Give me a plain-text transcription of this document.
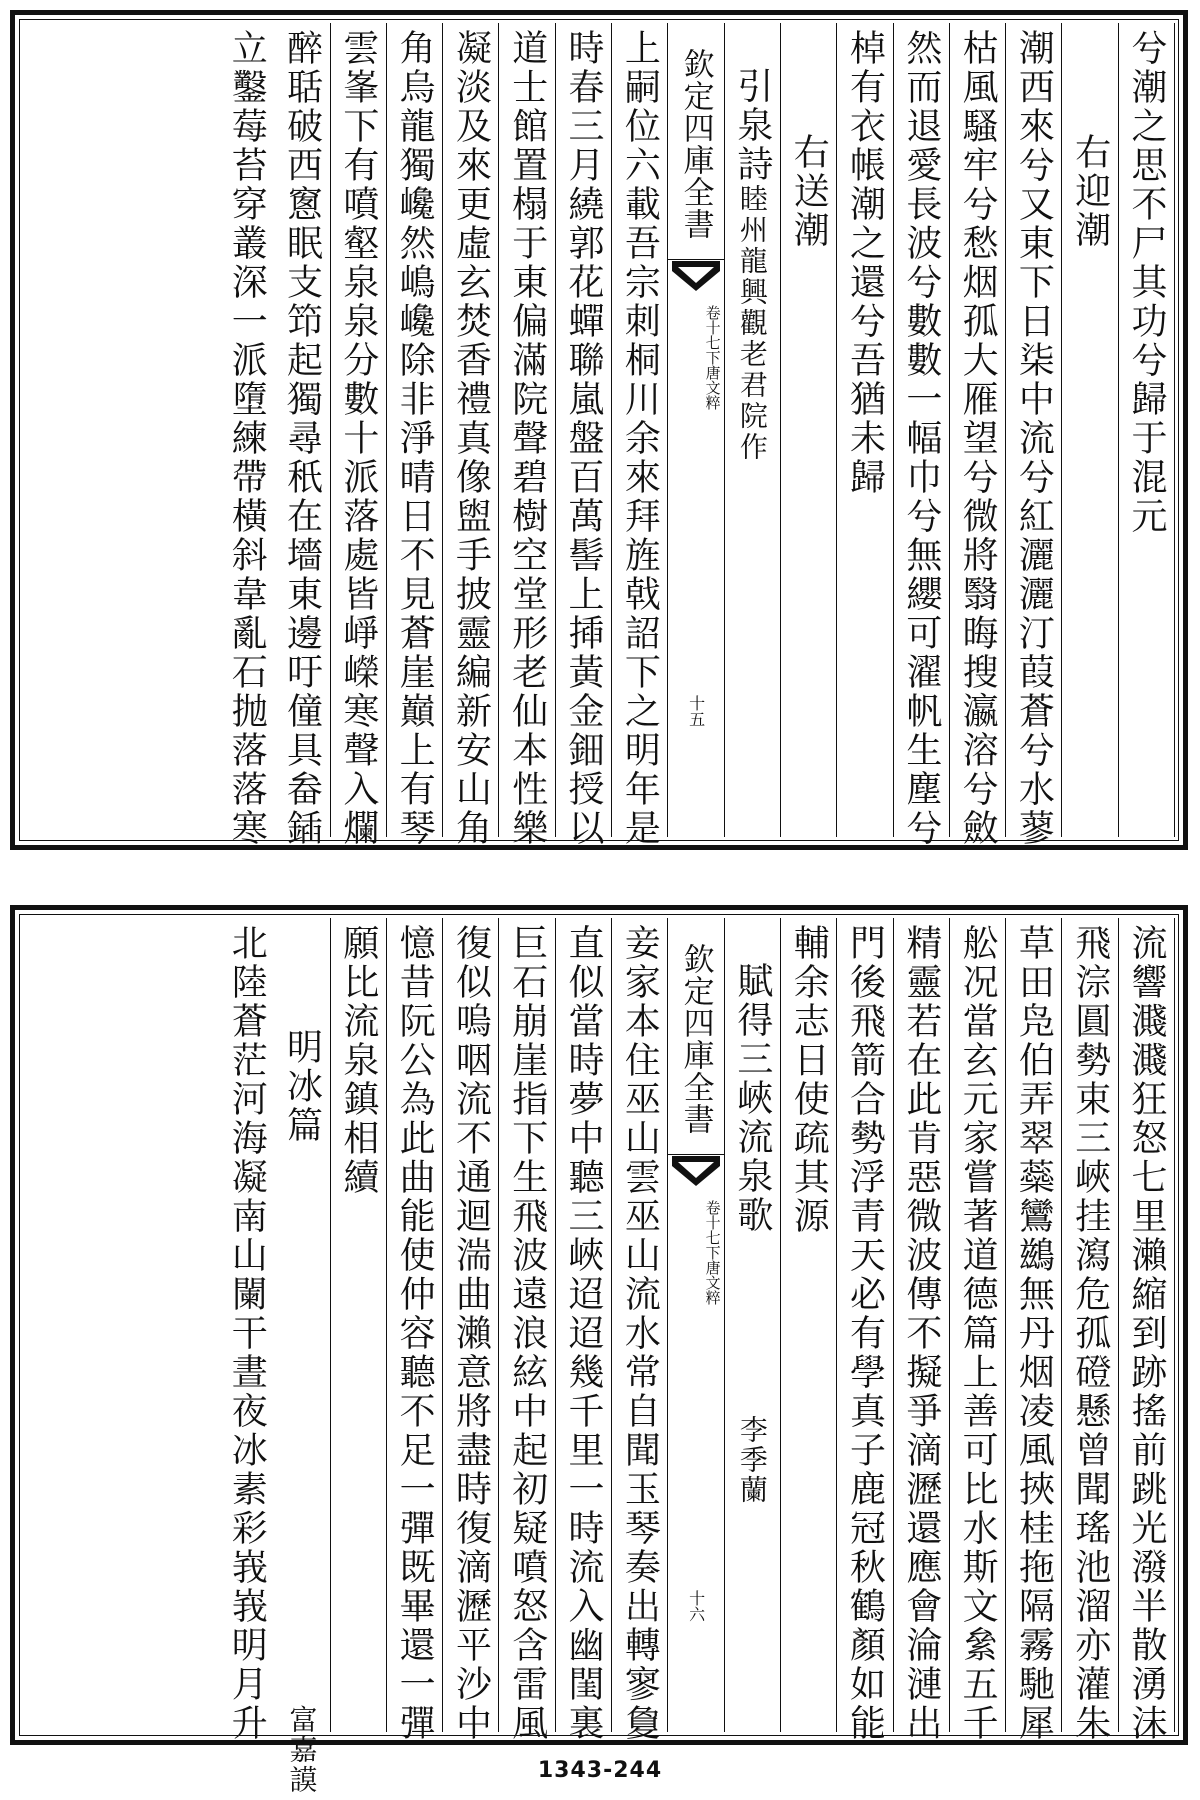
兮潮之思不尸其功兮歸于混元
右迎潮
潮西來兮又東下日柒中流兮紅灑灑汀葭蒼兮水蓼
枯風騷牢兮愁烟孤大雁望兮微將翳晦搜瀛溶兮斂
然而退愛長波兮數數一幅巾兮無纓可濯帆生塵兮
棹有衣帳潮之還兮吾猶未歸
右送潮
引泉詩睦州龍興觀老君院作
欽定四庫全書
唐文粹
卷十七下
十五
上嗣位六載吾宗刺桐川余來拜旌戟詔下之明年是
時春三月繞郭花蟬聯嵐盤百萬髻上揷黃金鈿授以
道士館置榻于東偏滿院聲碧樹空堂形老仙本性樂
凝淡及來更虛玄焚香禮真像盥手披靈編新安山角
角烏龍獨巉然嶋巉除非淨晴日不見蒼崖巔上有琴
雲峯下有噴壑泉泉分數十派落處皆崢嶸寒聲入爛
醉聒破西窻眠支笻起獨尋秖在墻東邊吁僮具畚鍤
立鑿莓苔穿叢深一派墮練帶橫斜韋亂石抛落落寒
流響濺濺狂怒七里瀨縮到跡搖前跳光潑半散湧沫
飛淙圓勢束三峽挂瀉危孤磴懸曾聞瑤池溜亦灌朱
草田凫伯弄翠蘂鸞鷀無丹烟凌風挾桂拖隔霧馳犀
舩况當玄元家嘗著道德篇上善可比水斯文絫五千
精靈若在此肯惡微波傳不擬爭滴瀝還應會淪漣出
門後飛箭合勢浮青天必有學真子鹿冠秋鶴顏如能
輔余志日使疏其源
賦得三峽流泉歌李季蘭
欽定四庫全書
唐文粹
卷十七下
十六
妾家本住巫山雲巫山流水常自聞玉琴奏出轉寥敻
直似當時夢中聽三峽迢迢幾千里一時流入幽閨裏
巨石崩崖指下生飛波遠浪絃中起初疑噴怒含雷風
復似嗚咽流不通迴湍曲瀨意將盡時復滴瀝平沙中
憶昔阮公為此曲能使仲容聽不足一彈既畢還一彈
願比流泉鎮相續
明冰篇富嘉謨
北陸蒼茫河海凝南山闌干晝夜冰素彩峩峩明月升
1343-244
